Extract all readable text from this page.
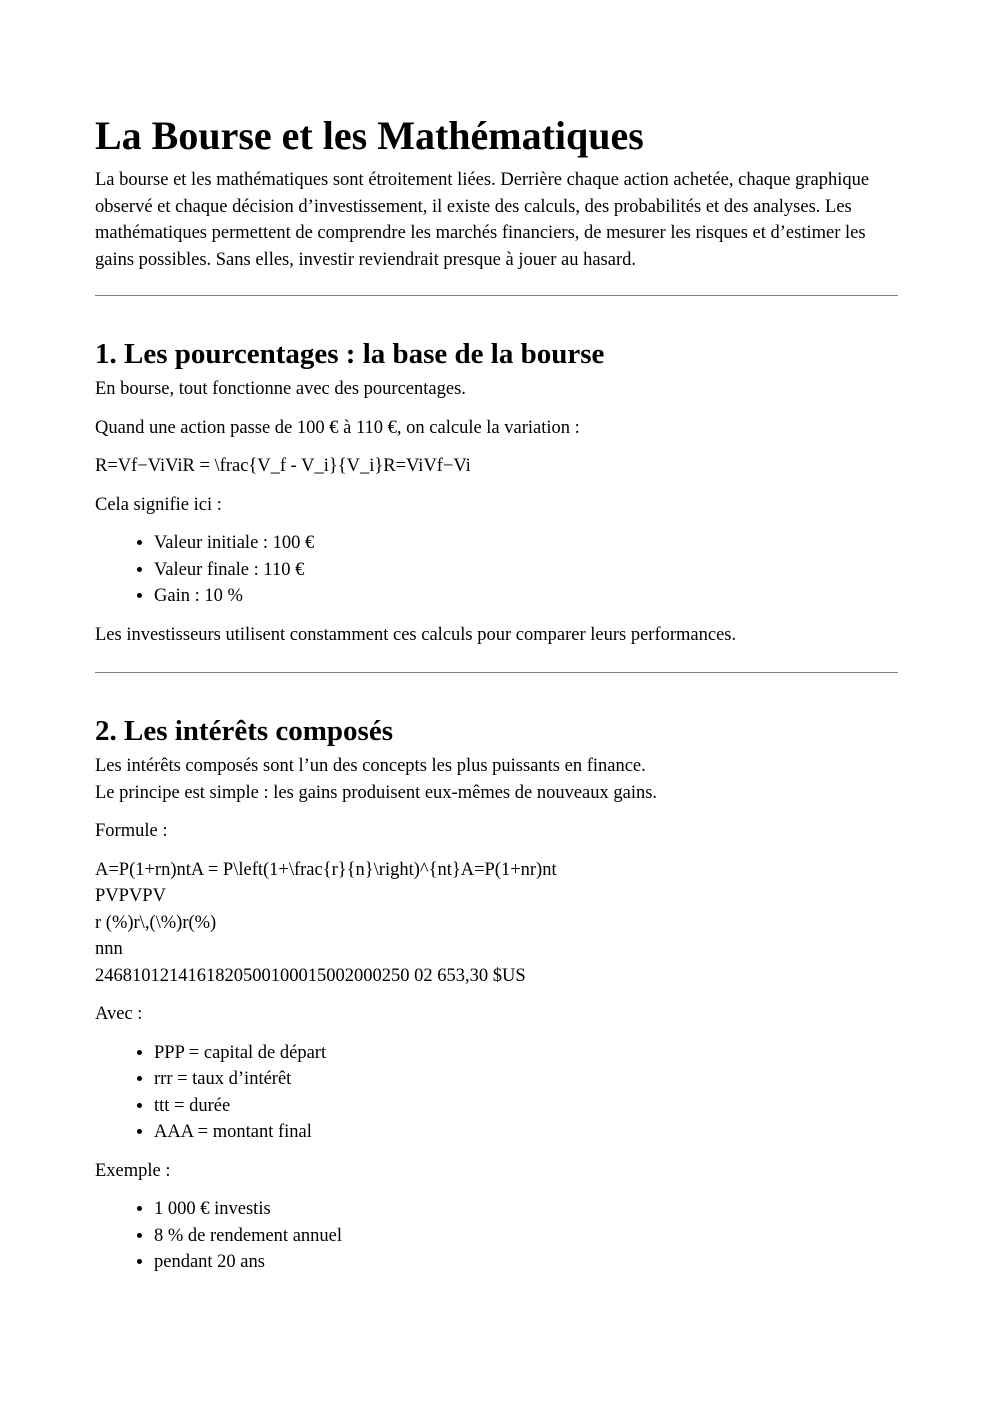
La Bourse et les Mathématiques

La bourse et les mathématiques sont étroitement liées. Derrière chaque action achetée, chaque graphique observé et chaque décision d’investissement, il existe des calculs, des probabilités et des analyses. Les mathématiques permettent de comprendre les marchés financiers, de mesurer les risques et d’estimer les gains possibles. Sans elles, investir reviendrait presque à jouer au hasard.

1. Les pourcentages : la base de la bourse

En bourse, tout fonctionne avec des pourcentages.

Quand une action passe de 100 € à 110 €, on calcule la variation :

R=Vf−ViViR = \frac{V_f - V_i}{V_i}R=ViVf−Vi

Cela signifie ici :

• Valeur initiale : 100 €
• Valeur finale : 110 €
• Gain : 10 %

Les investisseurs utilisent constamment ces calculs pour comparer leurs performances.

2. Les intérêts composés

Les intérêts composés sont l’un des concepts les plus puissants en finance.
Le principe est simple : les gains produisent eux-mêmes de nouveaux gains.

Formule :

A=P(1+rn)ntA = P\left(1+\frac{r}{n}\right)^{nt}A=P(1+nr)nt
PVPVPV
r (%)r\,(\%)r(%)
nnn
2468101214161820500100015002000250 02 653,30 $US

Avec :

• PPP = capital de départ
• rrr = taux d’intérêt
• ttt = durée
• AAA = montant final

Exemple :

• 1 000 € investis
• 8 % de rendement annuel
• pendant 20 ans
